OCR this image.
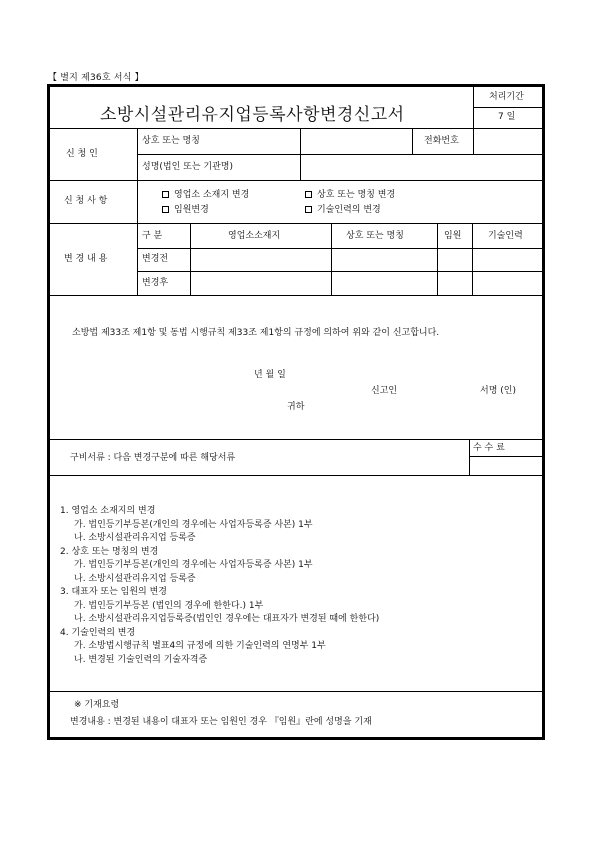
【 별지 제36호 서식 】
소방시설관리유지업등록사항변경신고서
처리기간
7 일
신 청 인
상호 또는 명칭	전화번호
성명(법인 또는 기관명)
신 청 사 항
영업소 소재지 변경	상호 또는 명칭 변경
임원변경	기술인력의 변경
변 경 내 용
구 분	영업소소재지	상호 또는 명칭	임원	기술인력
변경전
변경후
소방법 제33조 제1항 및 동법 시행규칙 제33조 제1항의 규정에 의하여 위와 같이 신고합니다.
년 월 일
신고인	서명 (인)
귀하
구비서류 : 다음 변경구분에 따른 해당서류
수 수 료
1. 영업소 소재지의 변경
가. 법인등기부등본(개인의 경우에는 사업자등록증 사본) 1부
나. 소방시설관리유지업 등록증
2. 상호 또는 명칭의 변경
가. 법인등기부등본(개인의 경우에는 사업자등록증 사본) 1부
나. 소방시설관리유지업 등록증
3. 대표자 또는 임원의 변경
가. 법인등기부등본 (법인의 경우에 한한다.) 1부
나. 소방시설관리유지업등록증(법인인 경우에는 대표자가 변경된 때에 한한다)
4. 기술인력의 변경
가. 소방법시행규칙 별표4의 규정에 의한 기술인력의 연명부 1부
나. 변경된 기술인력의 기술자격증
※ 기재요령
변경내용 : 변경된 내용이 대표자 또는 임원인 경우 『임원』란에 성명을 기재
